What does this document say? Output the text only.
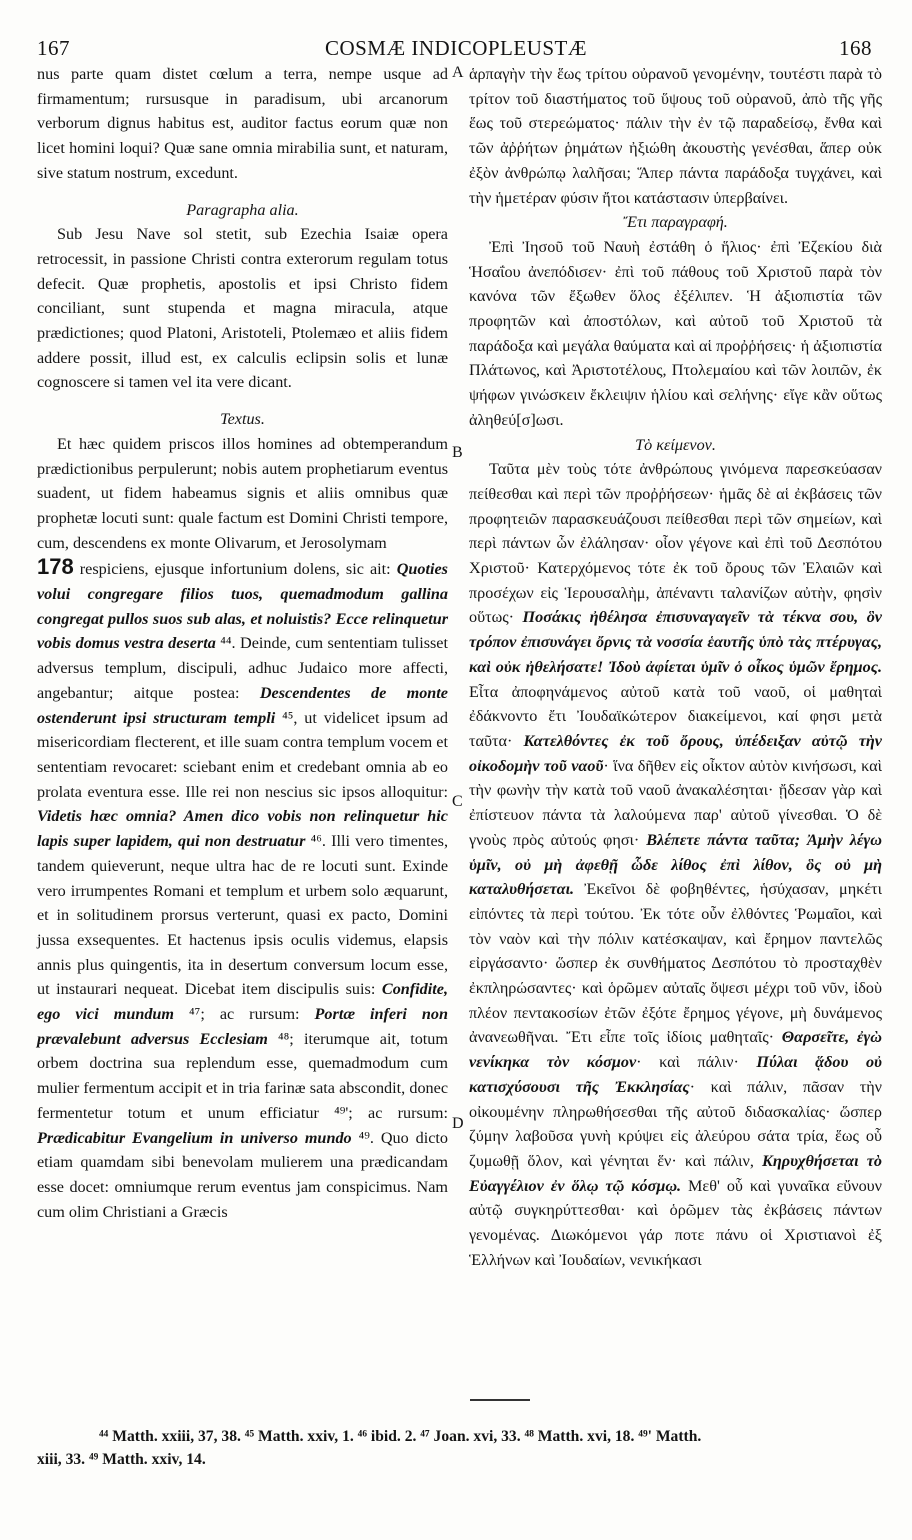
167	COSMÆ INDICOPLEUSTÆ	168

nus parte quam distet cœlum a terra, nempe usque ad firmamentum; rursusque in paradisum, ubi arcanorum verborum dignus habitus est, auditor factus eorum quæ non licet homini loqui? Quæ sane omnia mirabilia sunt, et naturam, sive statum nostrum, excedunt.

Paragrapha alia.

Sub Jesu Nave sol stetit, sub Ezechia Isaiæ opera retrocessit, in passione Christi contra exterorum regulam totus defecit. Quæ prophetis, apostolis et ipsi Christo fidem conciliant, sunt stupenda et magna miracula, atque prædictiones; quod Platoni, Aristoteli, Ptolemæo et aliis fidem addere possit, illud est, ex calculis eclipsin solis et lunæ cognoscere si tamen vel ita vere dicant.

Textus.

Et hæc quidem priscos illos homines ad obtemperandum prædictionibus perpulerunt; nobis autem prophetiarum eventus suadent, ut fidem habeamus signis et aliis omnibus quæ prophetæ locuti sunt: quale factum est Domini Christi tempore, cum, descendens ex monte Olivarum, et Jerosolymam
178 respiciens, ejusque infortunium dolens, sic ait: Quoties volui congregare filios tuos, quemadmodum gallina congregat pullos suos sub alas, et noluistis? Ecce relinquetur vobis domus vestra deserta ⁴⁴. Deinde, cum sententiam tulisset adversus templum, discipuli, adhuc Judaico more affecti, angebantur; aitque postea: Descendentes de monte ostenderunt ipsi structuram templi ⁴⁵, ut videlicet ipsum ad misericordiam flecterent, et ille suam contra templum vocem et sententiam revocaret: sciebant enim et credebant omnia ab eo prolata eventura esse. Ille rei non nescius sic ipsos alloquitur: Videtis hæc omnia? Amen dico vobis non relinquetur hic lapis super lapidem, qui non destruatur ⁴⁶. Illi vero timentes, tandem quieverunt, neque ultra hac de re locuti sunt. Exinde vero irrumpentes Romani et templum et urbem solo æquarunt, et in solitudinem prorsus verterunt, quasi ex pacto, Domini jussa exsequentes. Et hactenus ipsis oculis videmus, elapsis annis plus quingentis, ita in desertum conversum locum esse, ut instaurari nequeat. Dicebat item discipulis suis: Confidite, ego vici mundum ⁴⁷; ac rursum: Portæ inferi non prævalebunt adversus Ecclesiam ⁴⁸; iterumque ait, totum orbem doctrina sua replendum esse, quemadmodum cum mulier fermentum accipit et in tria farinæ sata abscondit, donec fermentetur totum et unum efficiatur ⁴⁹'; ac rursum: Prædicabitur Evangelium in universo mundo ⁴⁹. Quo dicto etiam quamdam sibi benevolam mulierem una prædicandam esse docet: omniumque rerum eventus jam conspicimus. Nam cum olim Christiani a Græcis

A
B
C
D

ἁρπαγὴν τὴν ἕως τρίτου οὐρανοῦ γενομένην, τουτέστι παρὰ τὸ τρίτον τοῦ διαστήματος τοῦ ὕψους τοῦ οὐρανοῦ, ἀπὸ τῆς γῆς ἕως τοῦ στερεώματος· πάλιν τὴν ἐν τῷ παραδείσῳ, ἔνθα καὶ τῶν ἀῤῥήτων ῥημάτων ἠξιώθη ἀκουστὴς γενέσθαι, ἅπερ οὐκ ἐξὸν ἀνθρώπῳ λαλῆσαι; Ἅπερ πάντα παράδοξα τυγχάνει, καὶ τὴν ἡμετέραν φύσιν ἤτοι κατάστασιν ὑπερβαίνει.

Ἔτι παραγραφή.

Ἐπὶ Ἰησοῦ τοῦ Ναυὴ ἐστάθη ὁ ἥλιος· ἐπὶ Ἐζεκίου διὰ Ἡσαΐου ἀνεπόδισεν· ἐπὶ τοῦ πάθους τοῦ Χριστοῦ παρὰ τὸν κανόνα τῶν ἔξωθεν ὅλος ἐξέλιπεν. Ἡ ἀξιοπιστία τῶν προφητῶν καὶ ἀποστόλων, καὶ αὐτοῦ τοῦ Χριστοῦ τὰ παράδοξα καὶ μεγάλα θαύματα καὶ αἱ προῤῥήσεις· ἡ ἀξιοπιστία Πλάτωνος, καὶ Ἀριστοτέλους, Πτολεμαίου καὶ τῶν λοιπῶν, ἐκ ψήφων γινώσκειν ἔκλειψιν ἡλίου καὶ σελήνης· εἴγε κἂν οὕτως ἀληθεύ[σ]ωσι.

Τὸ κείμενον.

Ταῦτα μὲν τοὺς τότε ἀνθρώπους γινόμενα παρεσκεύασαν πείθεσθαι καὶ περὶ τῶν προῤῥήσεων· ἡμᾶς δὲ αἱ ἐκβάσεις τῶν προφητειῶν παρασκευάζουσι πείθεσθαι περὶ τῶν σημείων, καὶ περὶ πάντων ὧν ἐλάλησαν· οἷον γέγονε καὶ ἐπὶ τοῦ Δεσπότου Χριστοῦ· Κατερχόμενος τότε ἐκ τοῦ ὄρους τῶν Ἐλαιῶν καὶ προσέχων εἰς Ἱερουσαλὴμ, ἀπέναντι ταλανίζων αὐτὴν, φησὶν οὕτως· Ποσάκις ἠθέλησα ἐπισυναγαγεῖν τὰ τέκνα σου, ὃν τρόπον ἐπισυνάγει ὄρνις τὰ νοσσία ἑαυτῆς ὑπὸ τὰς πτέρυγας, καὶ οὐκ ἠθελήσατε! Ἰδοὺ ἀφίεται ὑμῖν ὁ οἶκος ὑμῶν ἔρημος. Εἶτα ἀποφηνάμενος αὐτοῦ κατὰ τοῦ ναοῦ, οἱ μαθηταὶ ἐδάκνοντο ἔτι Ἰουδαϊκώτερον διακείμενοι, καί φησι μετὰ ταῦτα· Κατελθόντες ἐκ τοῦ ὄρους, ὑπέδειξαν αὐτῷ τὴν οἰκοδομὴν τοῦ ναοῦ· ἵνα δῆθεν εἰς οἶκτον αὐτὸν κινήσωσι, καὶ τὴν φωνὴν τὴν κατὰ τοῦ ναοῦ ἀνακαλέσηται· ᾔδεσαν γὰρ καὶ ἐπίστευον πάντα τὰ λαλούμενα παρ' αὐτοῦ γίνεσθαι. Ὁ δὲ γνοὺς πρὸς αὐτούς φησι· Βλέπετε πάντα ταῦτα; Ἀμὴν λέγω ὑμῖν, οὐ μὴ ἀφεθῇ ὧδε λίθος ἐπὶ λίθον, ὃς οὐ μὴ καταλυθήσεται. Ἐκεῖνοι δὲ φοβηθέντες, ἡσύχασαν, μηκέτι εἰπόντες τὰ περὶ τούτου. Ἐκ τότε οὖν ἐλθόντες Ῥωμαῖοι, καὶ τὸν ναὸν καὶ τὴν πόλιν κατέσκαψαν, καὶ ἔρημον παντελῶς εἰργάσαντο· ὥσπερ ἐκ συνθήματος Δεσπότου τὸ προσταχθὲν ἐκπληρώσαντες· καὶ ὁρῶμεν αὐταῖς ὄψεσι μέχρι τοῦ νῦν, ἰδοὺ πλέον πεντακοσίων ἐτῶν ἐξότε ἔρημος γέγονε, μὴ δυνάμενος ἀνανεωθῆναι. Ἔτι εἶπε τοῖς ἰδίοις μαθηταῖς· Θαρσεῖτε, ἐγὼ νενίκηκα τὸν κόσμον· καὶ πάλιν· Πύλαι ᾅδου οὐ κατισχύσουσι τῆς Ἐκκλησίας· καὶ πάλιν, πᾶσαν τὴν οἰκουμένην πληρωθήσεσθαι τῆς αὐτοῦ διδασκαλίας· ὥσπερ ζύμην λαβοῦσα γυνὴ κρύψει εἰς ἀλεύρου σάτα τρία, ἕως οὗ ζυμωθῇ ὅλον, καὶ γένηται ἕν· καὶ πάλιν, Κηρυχθήσεται τὸ Εὐαγγέλιον ἐν ὅλῳ τῷ κόσμῳ. Μεθ' οὗ καὶ γυναῖκα εὔνουν αὐτῷ συγκηρύττεσθαι· καὶ ὁρῶμεν τὰς ἐκβάσεις πάντων γενομένας. Διωκόμενοι γάρ ποτε πάνυ οἱ Χριστιανοὶ ἐξ Ἑλλήνων καὶ Ἰουδαίων, νενικήκασι

⁴⁴ Matth. xxiii, 37, 38. ⁴⁵ Matth. xxiv, 1. ⁴⁶ ibid. 2. ⁴⁷ Joan. xvi, 33. ⁴⁸ Matth. xvi, 18. ⁴⁹' Matth.
xiii, 33. ⁴⁹ Matth. xxiv, 14.
